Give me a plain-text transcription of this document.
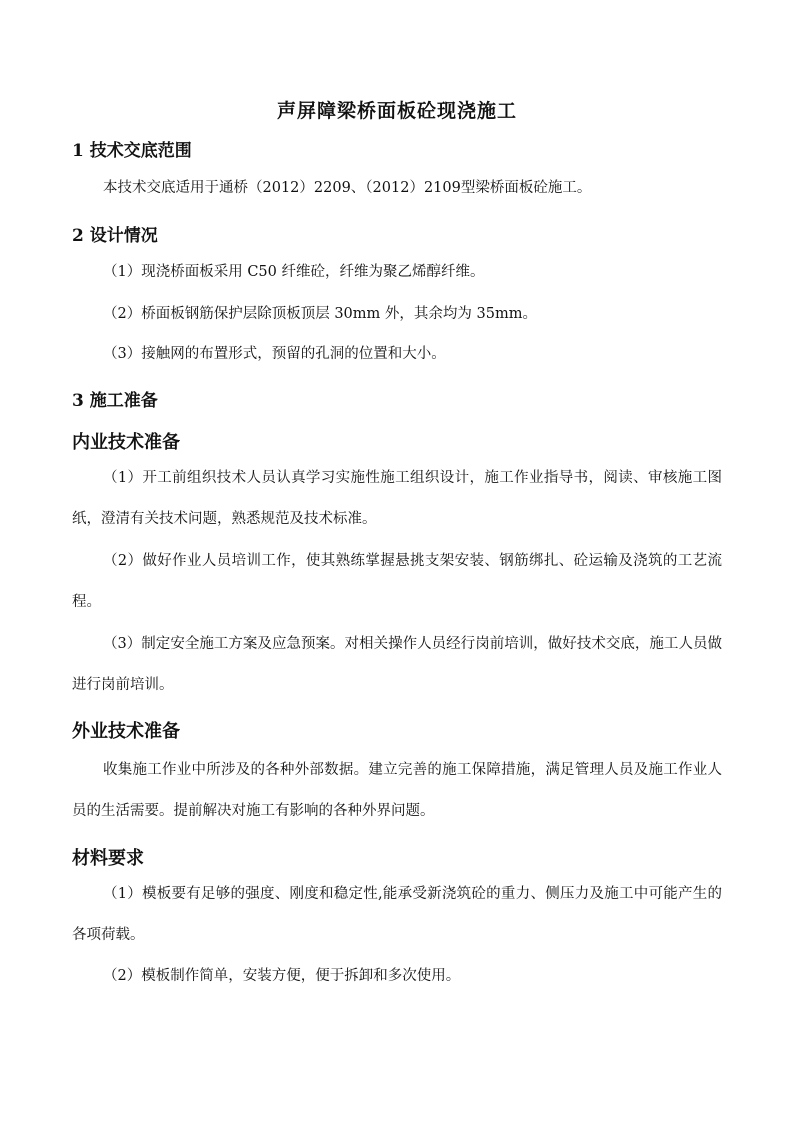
声屏障梁桥面板砼现浇施工
1 技术交底范围
本技术交底适用于通桥（2012）2209、（2012）2109型梁桥面板砼施工。
2 设计情况
（1）现浇桥面板采用 C50 纤维砼，纤维为聚乙烯醇纤维。
（2）桥面板钢筋保护层除顶板顶层 30mm 外，其余均为 35mm。
（3）接触网的布置形式，预留的孔洞的位置和大小。
3 施工准备
内业技术准备
（1）开工前组织技术人员认真学习实施性施工组织设计，施工作业指导书，阅读、审核施工图纸，澄清有关技术问题，熟悉规范及技术标准。
（2）做好作业人员培训工作，使其熟练掌握悬挑支架安装、钢筋绑扎、砼运输及浇筑的工艺流程。
（3）制定安全施工方案及应急预案。对相关操作人员经行岗前培训，做好技术交底，施工人员做进行岗前培训。
外业技术准备
收集施工作业中所涉及的各种外部数据。建立完善的施工保障措施，满足管理人员及施工作业人员的生活需要。提前解决对施工有影响的各种外界问题。
材料要求
（1）模板要有足够的强度、刚度和稳定性,能承受新浇筑砼的重力、侧压力及施工中可能产生的各项荷载。
（2）模板制作简单，安装方便，便于拆卸和多次使用。
